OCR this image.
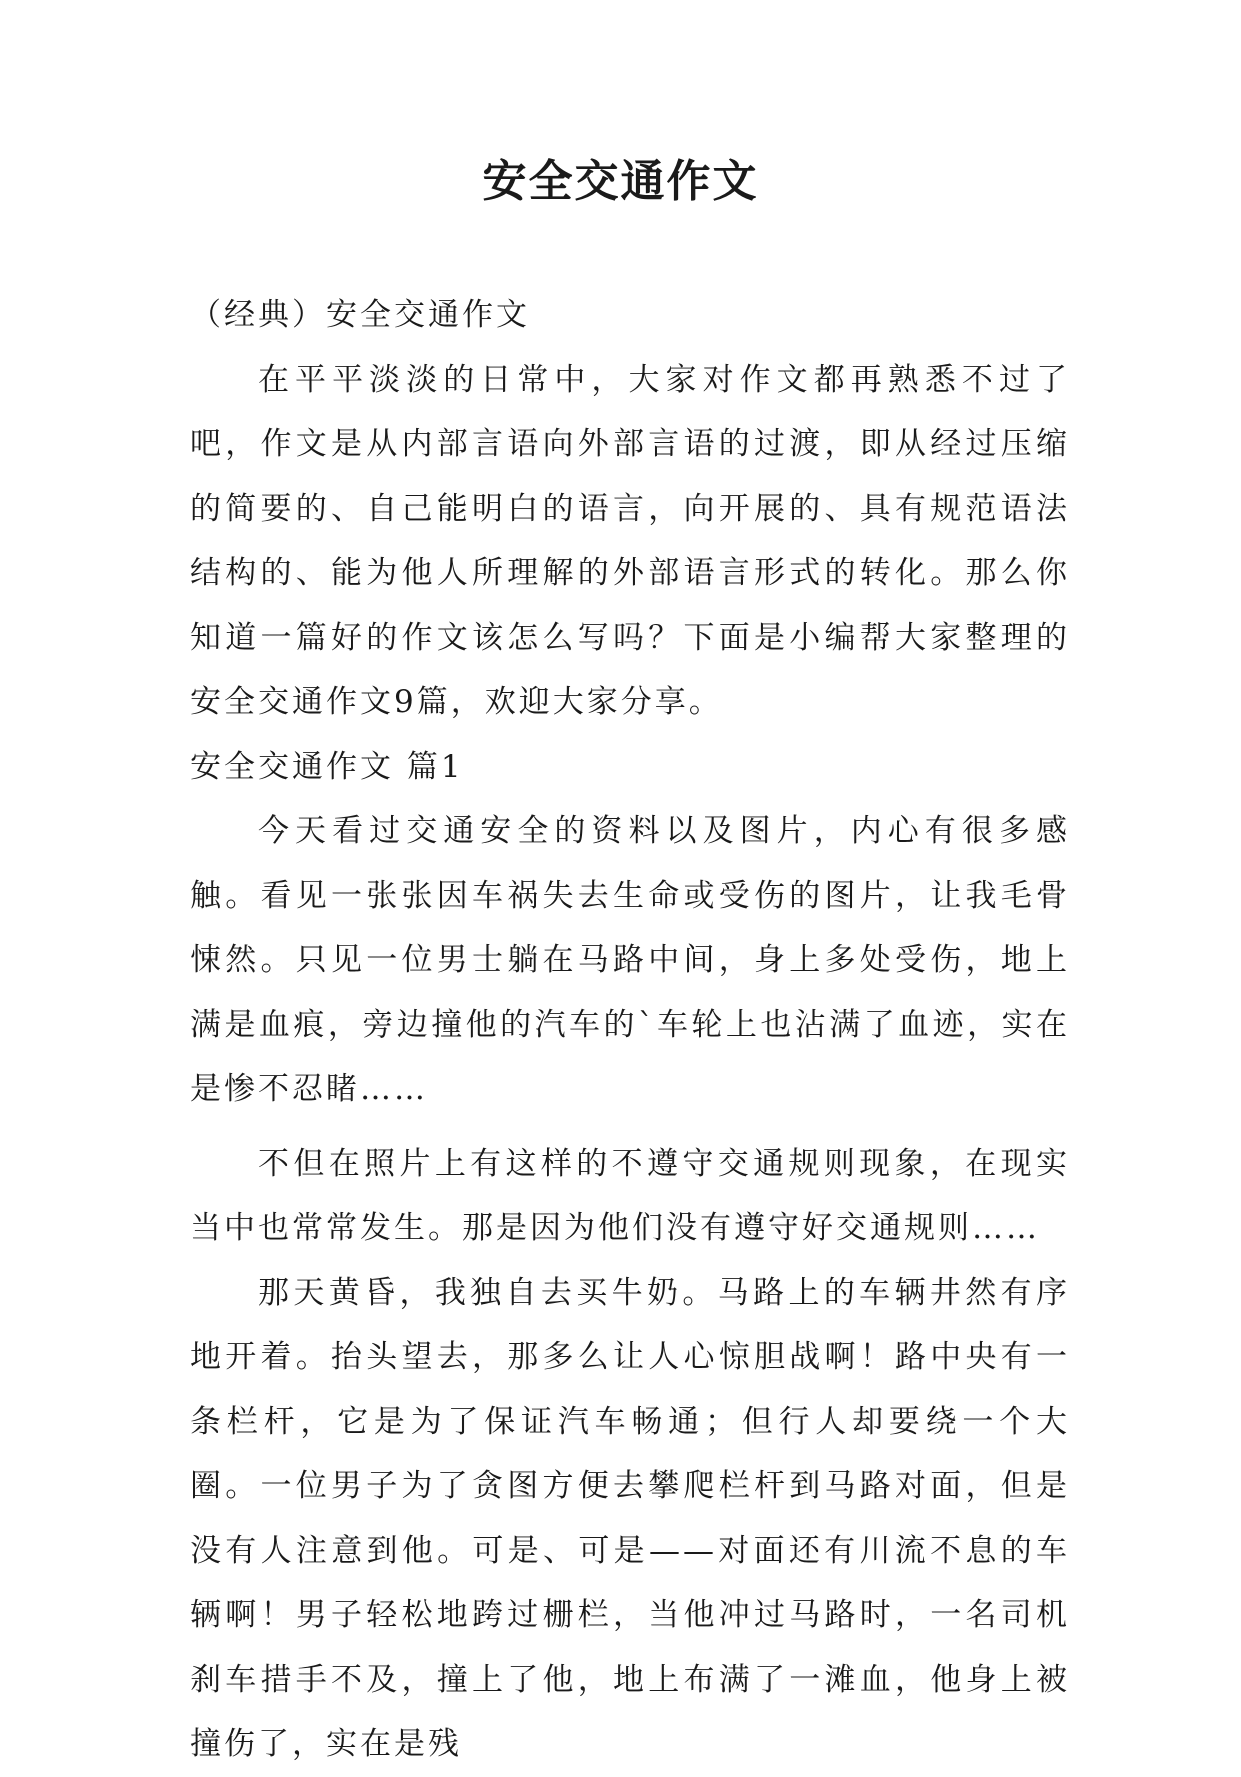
安全交通作文

（经典）安全交通作文

在平平淡淡的日常中，大家对作文都再熟悉不过了吧，作文是从内部言语向外部言语的过渡，即从经过压缩的简要的、自己能明白的语言，向开展的、具有规范语法结构的、能为他人所理解的外部语言形式的转化。那么你知道一篇好的作文该怎么写吗？下面是小编帮大家整理的安全交通作文9篇，欢迎大家分享。

安全交通作文 篇1

今天看过交通安全的资料以及图片，内心有很多感触。看见一张张因车祸失去生命或受伤的图片，让我毛骨悚然。只见一位男士躺在马路中间，身上多处受伤，地上满是血痕，旁边撞他的汽车的`车轮上也沾满了血迹，实在是惨不忍睹……

不但在照片上有这样的不遵守交通规则现象，在现实当中也常常发生。那是因为他们没有遵守好交通规则……

那天黄昏，我独自去买牛奶。马路上的车辆井然有序地开着。抬头望去，那多么让人心惊胆战啊！路中央有一条栏杆，它是为了保证汽车畅通；但行人却要绕一个大圈。一位男子为了贪图方便去攀爬栏杆到马路对面，但是没有人注意到他。可是、可是——对面还有川流不息的车辆啊！男子轻松地跨过栅栏，当他冲过马路时，一名司机刹车措手不及，撞上了他，地上布满了一滩血，他身上被撞伤了，实在是残
